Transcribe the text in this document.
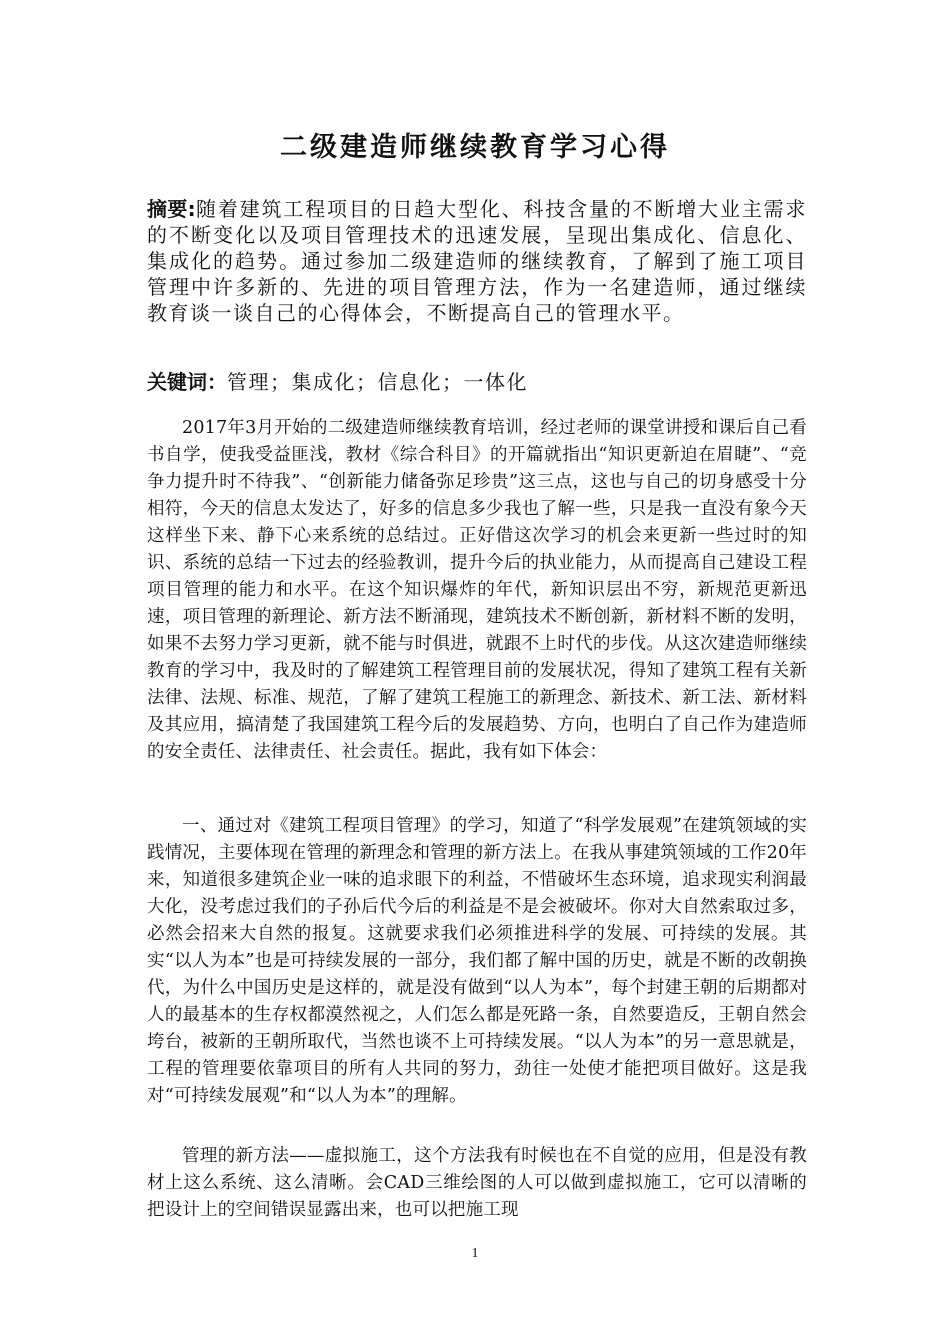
二级建造师继续教育学习心得

摘要:随着建筑工程项目的日趋大型化、科技含量的不断增大业主需求的不断变化以及项目管理技术的迅速发展，呈现出集成化、信息化、集成化的趋势。通过参加二级建造师的继续教育，了解到了施工项目管理中许多新的、先进的项目管理方法，作为一名建造师，通过继续教育谈一谈自己的心得体会，不断提高自己的管理水平。

关键词：管理；集成化；信息化；一体化

2017年3月开始的二级建造师继续教育培训，经过老师的课堂讲授和课后自己看书自学，使我受益匪浅，教材《综合科目》的开篇就指出“知识更新迫在眉睫”、“竞争力提升时不待我”、“创新能力储备弥足珍贵”这三点，这也与自己的切身感受十分相符，今天的信息太发达了，好多的信息多少我也了解一些，只是我一直没有象今天这样坐下来、静下心来系统的总结过。正好借这次学习的机会来更新一些过时的知识、系统的总结一下过去的经验教训，提升今后的执业能力，从而提高自己建设工程项目管理的能力和水平。在这个知识爆炸的年代，新知识层出不穷，新规范更新迅速，项目管理的新理论、新方法不断涌现，建筑技术不断创新，新材料不断的发明，如果不去努力学习更新，就不能与时俱进，就跟不上时代的步伐。从这次建造师继续教育的学习中，我及时的了解建筑工程管理目前的发展状况，得知了建筑工程有关新法律、法规、标准、规范，了解了建筑工程施工的新理念、新技术、新工法、新材料及其应用，搞清楚了我国建筑工程今后的发展趋势、方向，也明白了自己作为建造师的安全责任、法律责任、社会责任。据此，我有如下体会：

一、通过对《建筑工程项目管理》的学习，知道了“科学发展观”在建筑领域的实践情况，主要体现在管理的新理念和管理的新方法上。在我从事建筑领域的工作20年来，知道很多建筑企业一味的追求眼下的利益，不惜破坏生态环境，追求现实利润最大化，没考虑过我们的子孙后代今后的利益是不是会被破坏。你对大自然索取过多，必然会招来大自然的报复。这就要求我们必须推进科学的发展、可持续的发展。其实“以人为本”也是可持续发展的一部分，我们都了解中国的历史，就是不断的改朝换代，为什么中国历史是这样的，就是没有做到“以人为本”，每个封建王朝的后期都对人的最基本的生存权都漠然视之，人们怎么都是死路一条，自然要造反，王朝自然会垮台，被新的王朝所取代，当然也谈不上可持续发展。“以人为本”的另一意思就是，工程的管理要依靠项目的所有人共同的努力，劲往一处使才能把项目做好。这是我对“可持续发展观”和“以人为本”的理解。

管理的新方法——虚拟施工，这个方法我有时候也在不自觉的应用，但是没有教材上这么系统、这么清晰。会CAD三维绘图的人可以做到虚拟施工，它可以清晰的把设计上的空间错误显露出来，也可以把施工现

1
